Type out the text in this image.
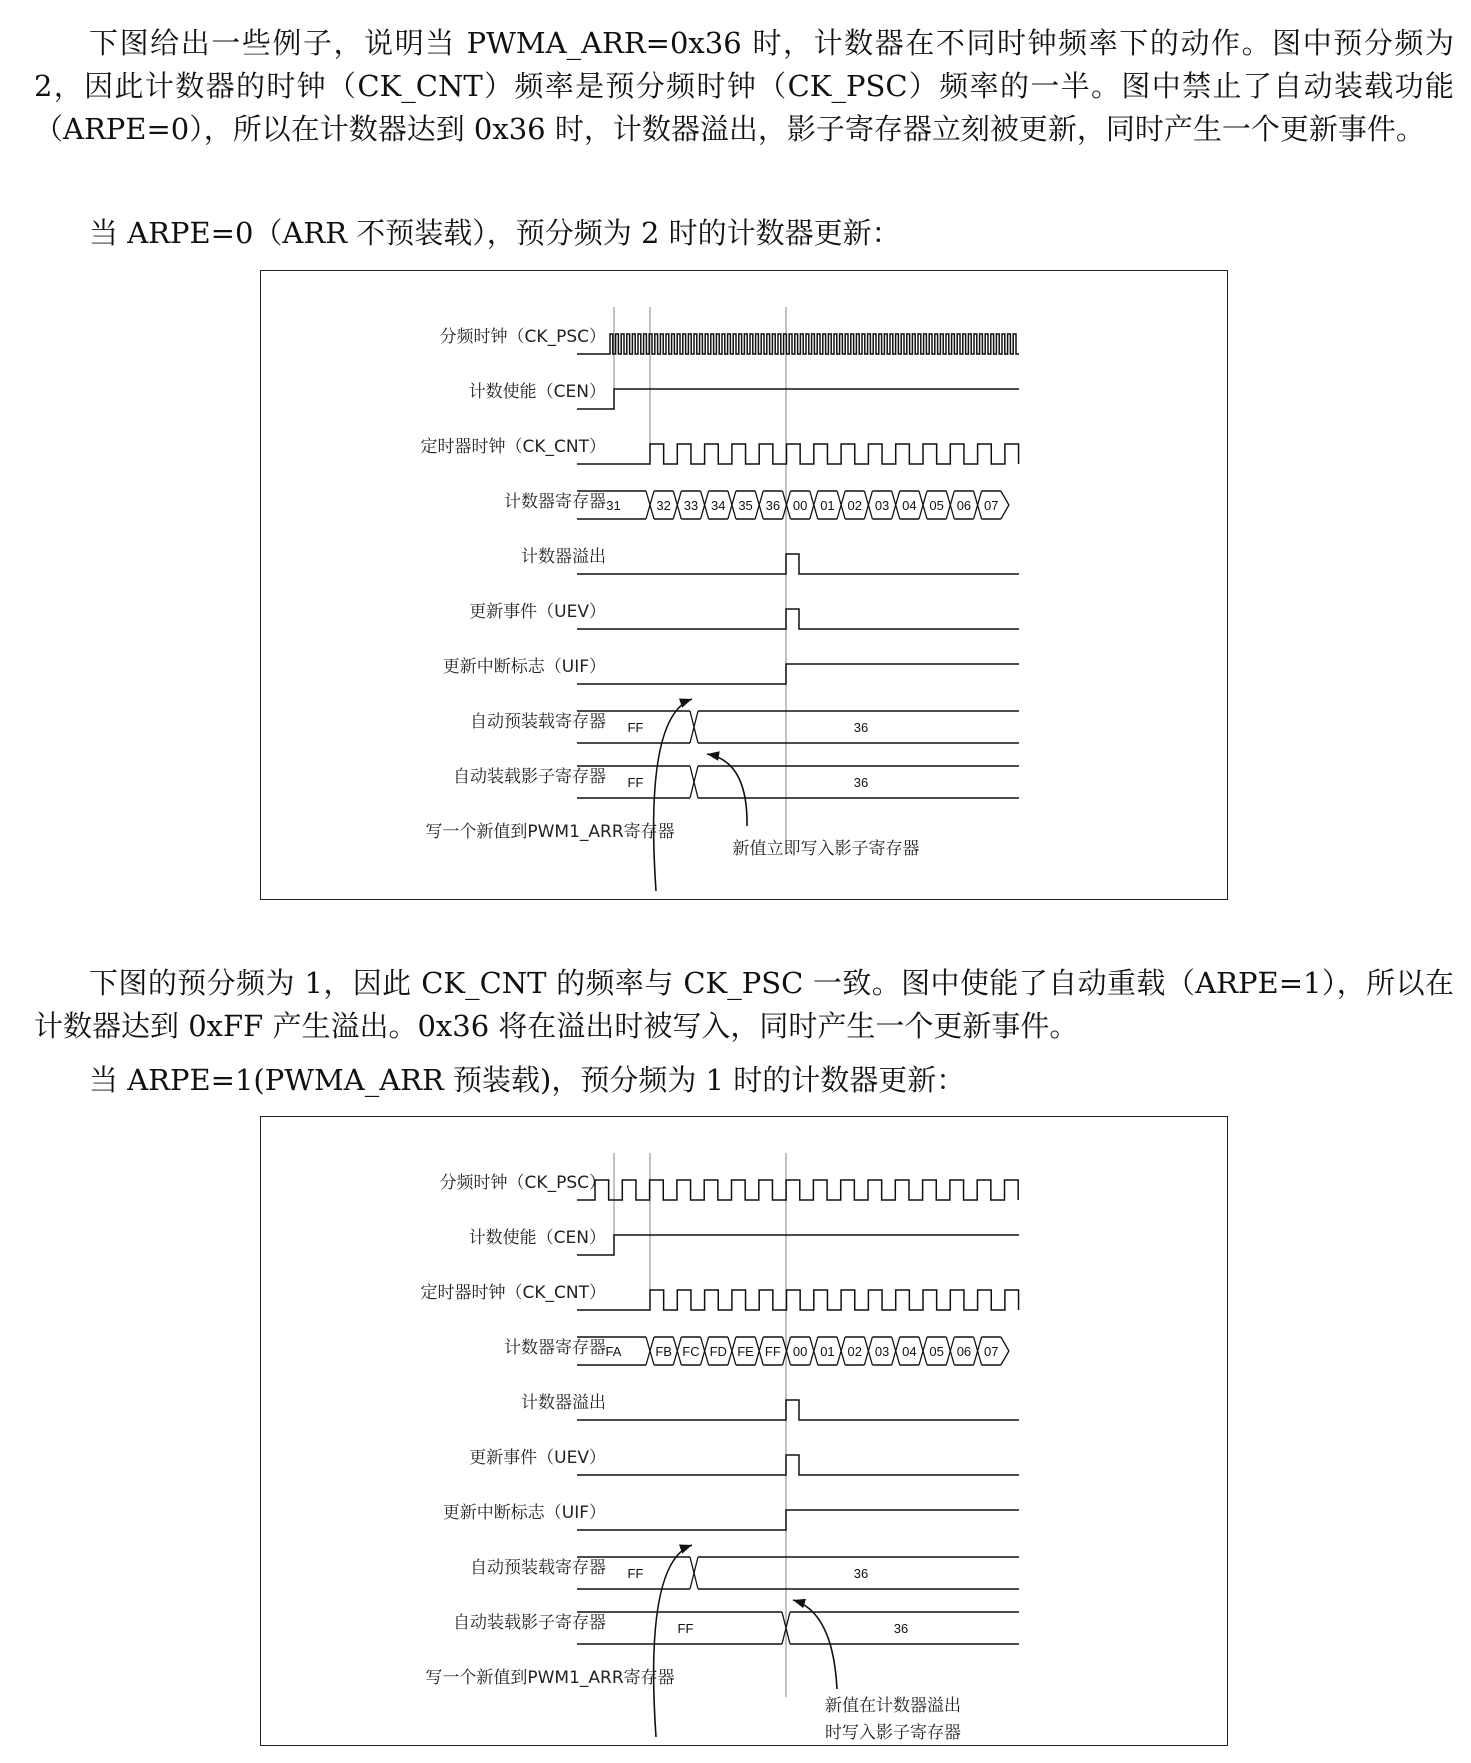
下图给出一些例子，说明当 PWMA_ARR=0x36 时，计数器在不同时钟频率下的动作。图中预分频为 2，因此计数器的时钟（CK_CNT）频率是预分频时钟（CK_PSC）频率的一半。图中禁止了自动装载功能（ARPE=0），所以在计数器达到 0x36 时，计数器溢出，影子寄存器立刻被更新，同时产生一个更新事件。

当 ARPE=0（ARR 不预装载），预分频为 2 时的计数器更新：

分频时钟（CK_PSC）
计数使能（CEN）
定时器时钟（CK_CNT）
计数器寄存器
计数器溢出
更新事件（UEV）
更新中断标志（UIF）
自动预装载寄存器
自动装载影子寄存器
31	32 33 34 35 36 00 01 02 03 04 05 06 07
FF	36
FF	36
写一个新值到PWM1_ARR寄存器
新值立即写入影子寄存器

下图的预分频为 1，因此 CK_CNT 的频率与 CK_PSC 一致。图中使能了自动重载（ARPE=1），所以在计数器达到 0xFF 产生溢出。0x36 将在溢出时被写入，同时产生一个更新事件。

当 ARPE=1(PWMA_ARR 预装载)，预分频为 1 时的计数器更新：

分频时钟（CK_PSC）
计数使能（CEN）
定时器时钟（CK_CNT）
计数器寄存器
计数器溢出
更新事件（UEV）
更新中断标志（UIF）
自动预装载寄存器
自动装载影子寄存器
FA	FB FC FD FE FF 00 01 02 03 04 05 06 07
FF	36
FF	36
写一个新值到PWM1_ARR寄存器
新值在计数器溢出
时写入影子寄存器
